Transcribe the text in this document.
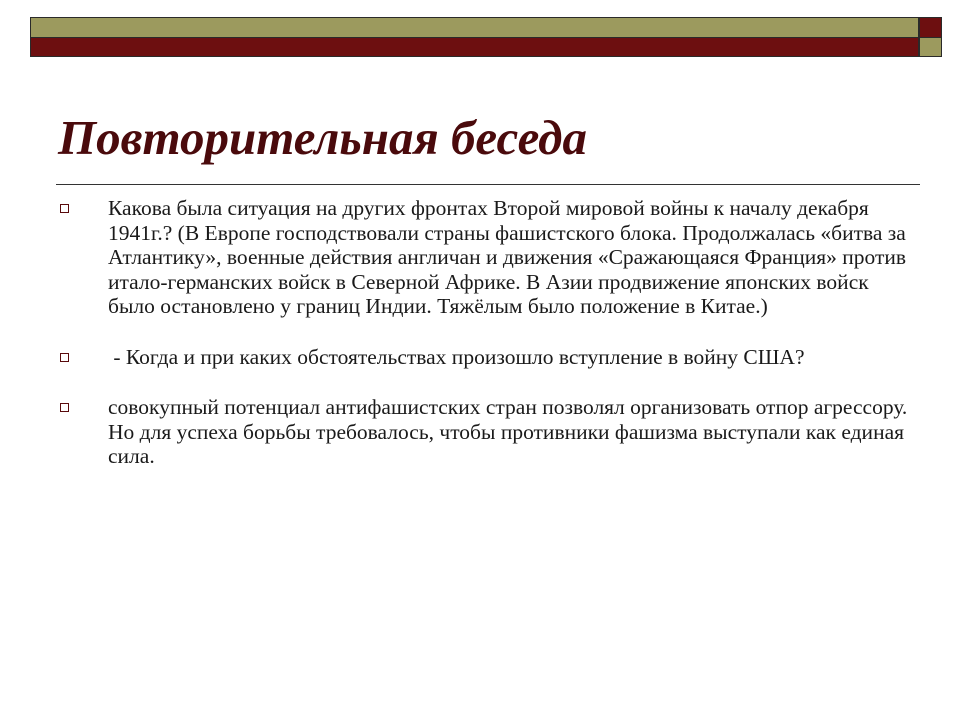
Повторительная беседа
Какова была ситуация на других фронтах Второй мировой войны к началу декабря 1941г.? (В Европе господствовали страны фашистского блока. Продолжалась «битва за Атлантику», военные действия англичан и движения «Сражающаяся Франция» против итало-германских войск в Северной Африке. В Азии продвижение японских войск было остановлено у границ Индии. Тяжёлым было положение в Китае.)
- Когда и при каких обстоятельствах произошло вступление в войну США?
совокупный потенциал антифашистских стран позволял организовать отпор агрессору. Но для успеха борьбы требовалось, чтобы противники фашизма выступали как единая сила.
